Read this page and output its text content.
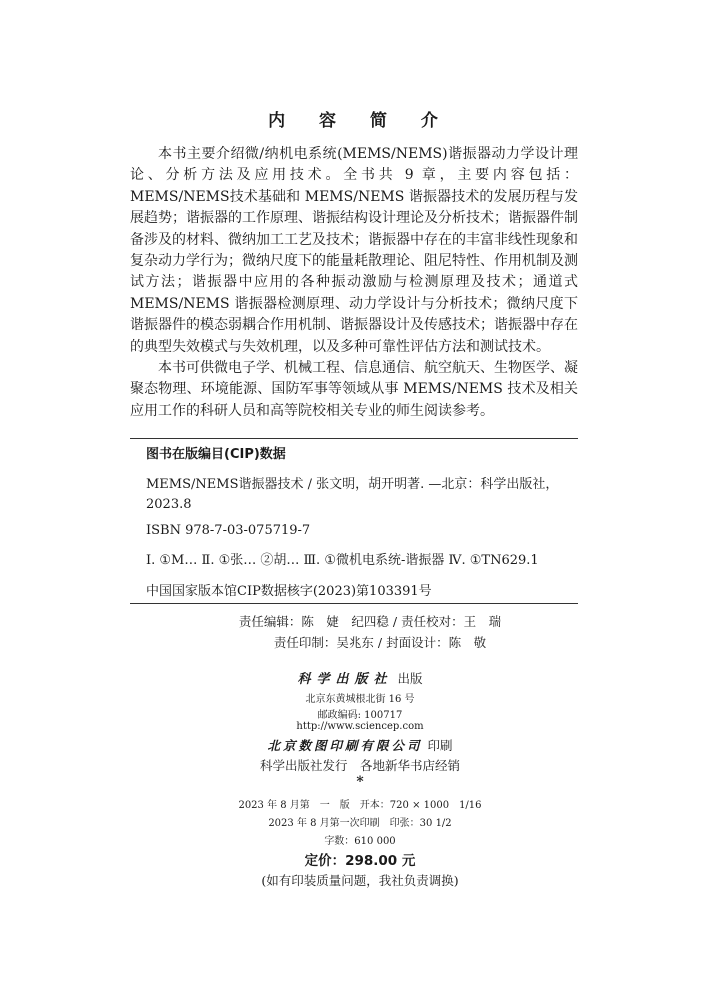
内 容 简 介

本书主要介绍微/纳机电系统(MEMS/NEMS)谐振器动力学设计理论、分析方法及应用技术。全书共 9 章，主要内容包括：MEMS/NEMS技术基础和 MEMS/NEMS 谐振器技术的发展历程与发展趋势；谐振器的工作原理、谐振结构设计理论及分析技术；谐振器件制备涉及的材料、微纳加工工艺及技术；谐振器中存在的丰富非线性现象和复杂动力学行为；微纳尺度下的能量耗散理论、阻尼特性、作用机制及测试方法；谐振器中应用的各种振动激励与检测原理及技术；通道式 MEMS/NEMS 谐振器检测原理、动力学设计与分析技术；微纳尺度下谐振器件的模态弱耦合作用机制、谐振器设计及传感技术；谐振器中存在的典型失效模式与失效机理，以及多种可靠性评估方法和测试技术。

本书可供微电子学、机械工程、信息通信、航空航天、生物医学、凝聚态物理、环境能源、国防军事等领域从事 MEMS/NEMS 技术及相关应用工作的科研人员和高等院校相关专业的师生阅读参考。

图书在版编目(CIP)数据
MEMS/NEMS谐振器技术 / 张文明，胡开明著. —北京：科学出版社，
2023.8
ISBN 978-7-03-075719-7
Ⅰ. ①M… Ⅱ. ①张… ②胡… Ⅲ. ①微机电系统-谐振器 Ⅳ. ①TN629.1
中国国家版本馆CIP数据核字(2023)第103391号
责任编辑：陈　婕　纪四稳 / 责任校对：王　瑞
责任印制：吴兆东 / 封面设计：陈　敬
科学出版社 出版
北京东黄城根北街 16 号
邮政编码: 100717
http://www.sciencep.com
北京数图印刷有限公司 印刷
科学出版社发行　各地新华书店经销
*
2023 年 8 月第　一　版　开本：720 × 1000　1/16
2023 年 8 月第一次印刷　印张：30 1/2
字数：610 000
定价：298.00 元
(如有印装质量问题，我社负责调换)
